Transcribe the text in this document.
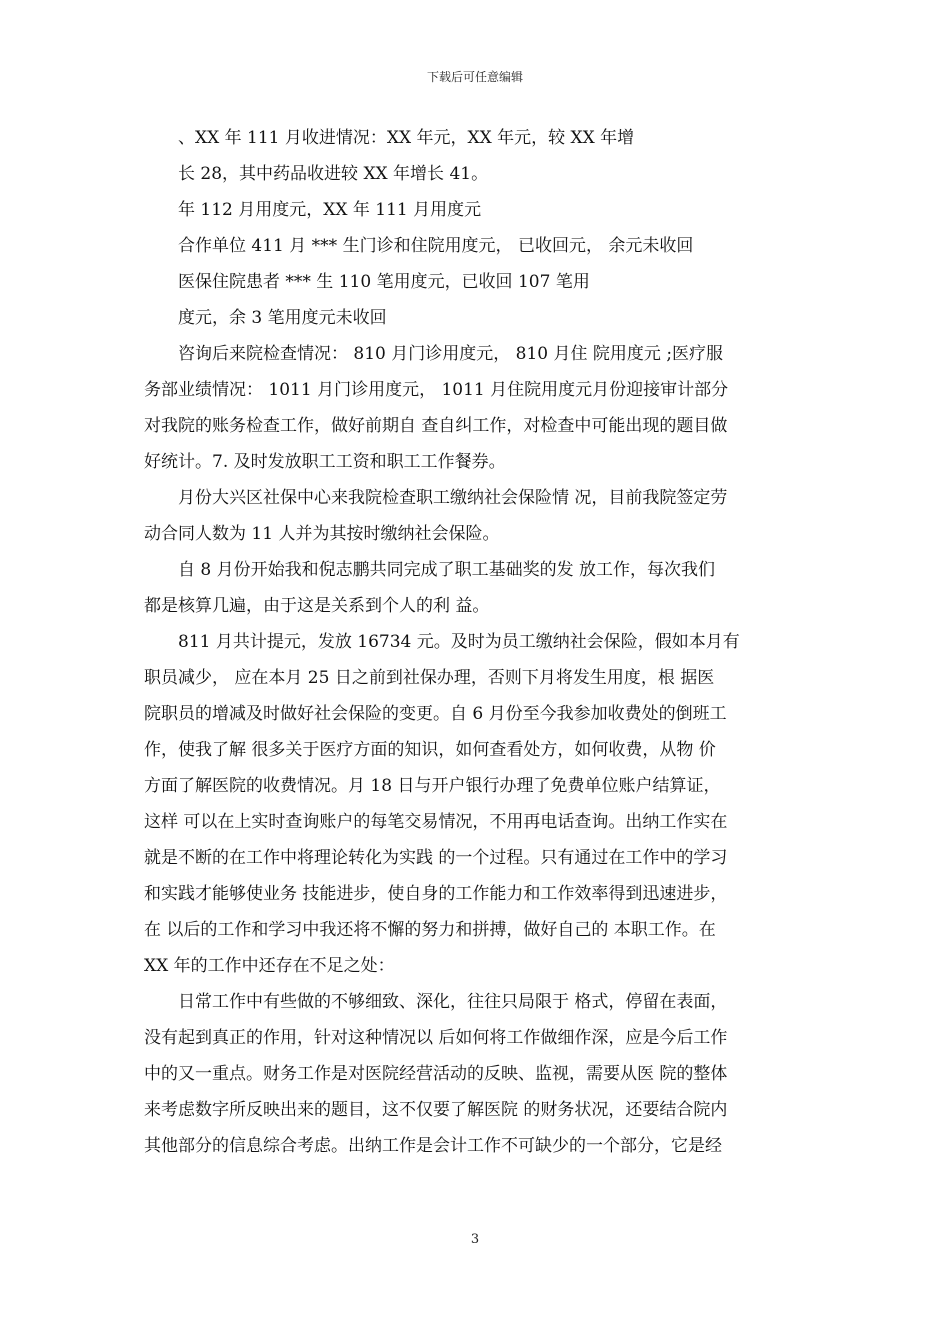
下载后可任意编辑
、XX 年 111 月收进情况：XX 年元，XX 年元，较 XX 年增
长 28，其中药品收进较 XX 年增长 41。
年 112 月用度元，XX 年 111 月用度元
合作单位 411 月 *** 生门诊和住院用度元， 已收回元， 余元未收回
医保住院患者 *** 生 110 笔用度元，已收回 107 笔用
度元，余 3 笔用度元未收回
咨询后来院检查情况： 810 月门诊用度元， 810 月住 院用度元 ;医疗服
务部业绩情况： 1011 月门诊用度元， 1011 月住院用度元月份迎接审计部分
对我院的账务检查工作，做好前期自 查自纠工作，对检查中可能出现的题目做
好统计。7. 及时发放职工工资和职工工作餐券。
月份大兴区社保中心来我院检查职工缴纳社会保险情 况，目前我院签定劳
动合同人数为 11 人并为其按时缴纳社会保险。
自 8 月份开始我和倪志鹏共同完成了职工基础奖的发 放工作，每次我们
都是核算几遍，由于这是关系到个人的利 益。
811 月共计提元，发放 16734 元。及时为员工缴纳社会保险，假如本月有
职员减少， 应在本月 25 日之前到社保办理，否则下月将发生用度，根 据医
院职员的增减及时做好社会保险的变更。自 6 月份至今我参加收费处的倒班工
作，使我了解 很多关于医疗方面的知识，如何查看处方，如何收费，从物 价
方面了解医院的收费情况。月 18 日与开户银行办理了免费单位账户结算证，
这样 可以在上实时查询账户的每笔交易情况，不用再电话查询。出纳工作实在
就是不断的在工作中将理论转化为实践 的一个过程。只有通过在工作中的学习
和实践才能够使业务 技能进步，使自身的工作能力和工作效率得到迅速进步，
在 以后的工作和学习中我还将不懈的努力和拼搏，做好自己的 本职工作。在
XX 年的工作中还存在不足之处：
日常工作中有些做的不够细致、深化，往往只局限于 格式，停留在表面，
没有起到真正的作用，针对这种情况以 后如何将工作做细作深，应是今后工作
中的又一重点。财务工作是对医院经营活动的反映、监视，需要从医 院的整体
来考虑数字所反映出来的题目，这不仅要了解医院 的财务状况，还要结合院内
其他部分的信息综合考虑。出纳工作是会计工作不可缺少的一个部分，它是经
3
